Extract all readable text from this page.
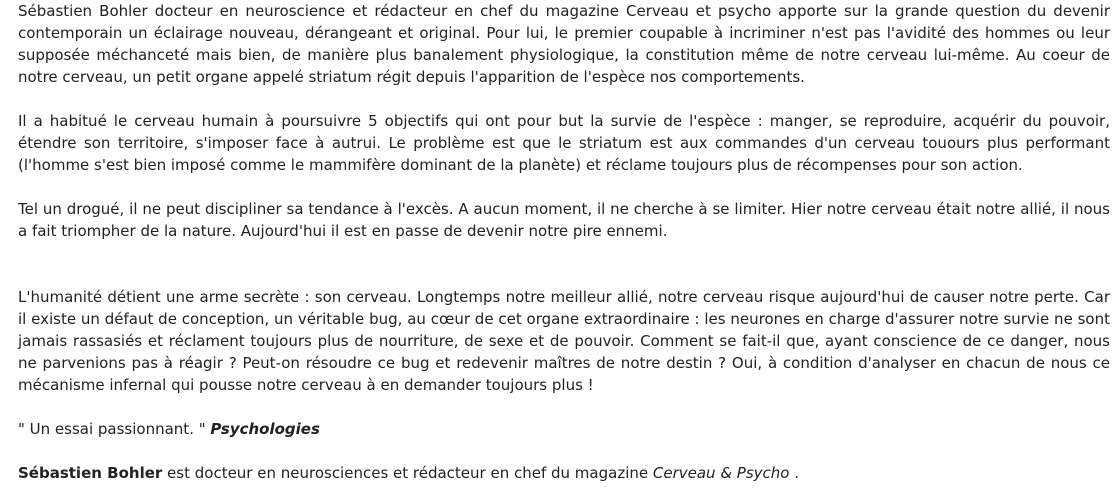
Sébastien Bohler docteur en neuroscience et rédacteur en chef du magazine Cerveau et psycho apporte sur la grande question du devenir contemporain un éclairage nouveau, dérangeant et original. Pour lui, le premier coupable à incriminer n'est pas l'avidité des hommes ou leur supposée méchanceté mais bien, de manière plus banalement physiologique, la constitution même de notre cerveau lui-même. Au coeur de notre cerveau, un petit organe appelé striatum régit depuis l'apparition de l'espèce nos comportements.

Il a habitué le cerveau humain à poursuivre 5 objectifs qui ont pour but la survie de l'espèce : manger, se reproduire, acquérir du pouvoir, étendre son territoire, s'imposer face à autrui. Le problème est que le striatum est aux commandes d'un cerveau touours plus performant (l'homme s'est bien imposé comme le mammifère dominant de la planète) et réclame toujours plus de récompenses pour son action.

Tel un drogué, il ne peut discipliner sa tendance à l'excès. A aucun moment, il ne cherche à se limiter. Hier notre cerveau était notre allié, il nous a fait triompher de la nature. Aujourd'hui il est en passe de devenir notre pire ennemi.

L'humanité détient une arme secrète : son cerveau. Longtemps notre meilleur allié, notre cerveau risque aujourd'hui de causer notre perte. Car il existe un défaut de conception, un véritable bug, au cœur de cet organe extraordinaire : les neurones en charge d'assurer notre survie ne sont jamais rassasiés et réclament toujours plus de nourriture, de sexe et de pouvoir. Comment se fait-il que, ayant conscience de ce danger, nous ne parvenions pas à réagir ? Peut-on résoudre ce bug et redevenir maîtres de notre destin ? Oui, à condition d'analyser en chacun de nous ce mécanisme infernal qui pousse notre cerveau à en demander toujours plus !

" Un essai passionnant. " Psychologies

Sébastien Bohler est docteur en neurosciences et rédacteur en chef du magazine Cerveau & Psycho .
